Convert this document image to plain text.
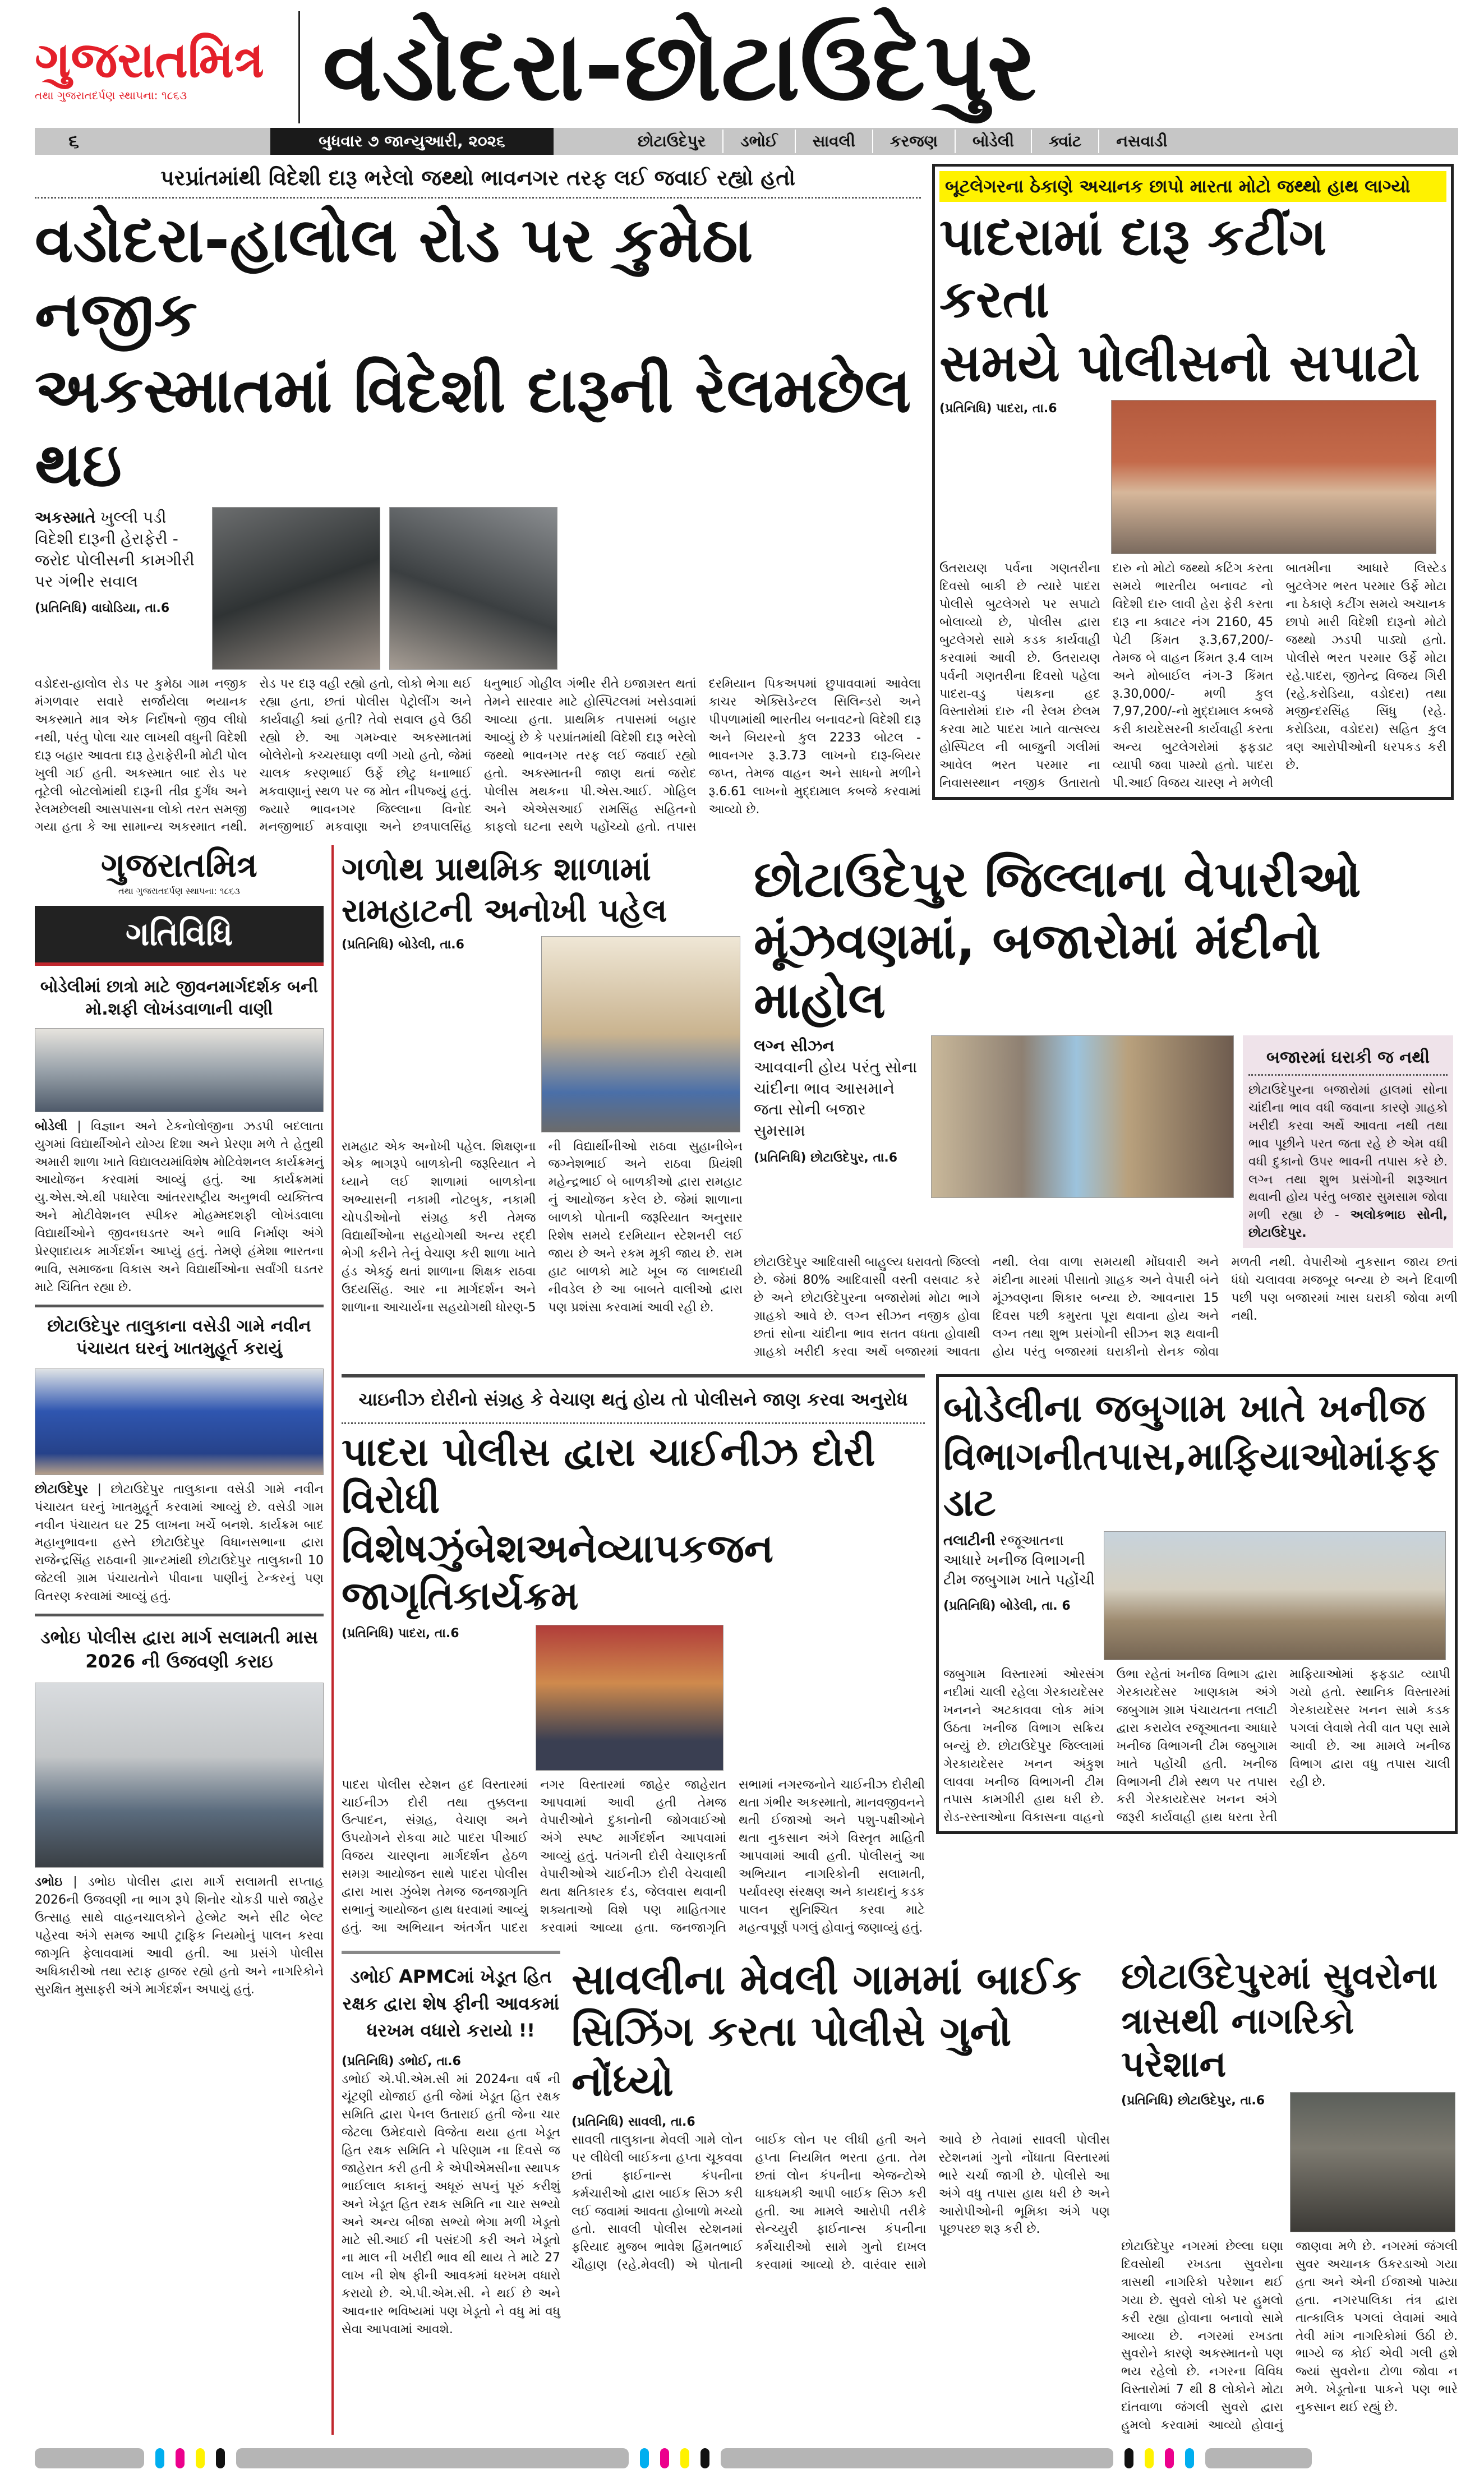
ગુજરાતમિત્ર
તથા ગુજરાતદર્પણ સ્થાપના: ૧૮૬૩	વડોદરા-છોટાઉદેપુર
૬	બુધવાર ૭ જાન્યુઆરી, ૨૦૨૬	છોટાઉદેપુર	ડભોઈ	સાવલી	કરજણ	બોડેલી	ક્વાંટ	નસવાડી
પરપ્રાંતમાંથી વિદેશી દારૂ ભરેલો જથ્થો ભાવનગર તરફ લઈ જવાઈ રહ્યો હતો
વડોદરા-હાલોલ રોડ પર કુમેઠા નજીક
અકસ્માતમાં વિદેશી દારૂની રેલમછેલ થઇ
અકસ્માતે ખુલ્લી પડી વિદેશી દારૂની હેરાફેરી - જરોદ પોલીસની કામગીરી પર ગંભીર સવાલ
(પ્રતિનિધિ) વાઘોડિયા, તા.6
વડોદરા-હાલોલ રોડ પર કુમેઠા ગામ નજીક મંગળવાર સવારે સર્જાયેલા ભયાનક અકસ્માતે માત્ર એક નિર્દોષનો જીવ લીધો નથી, પરંતુ પોલા ચાર લાખથી વધુની વિદેશી દારૂ બહાર આવતા દારૂ હેરાફેરીની મોટી પોલ ખુલી ગઈ હતી. અકસ્માત બાદ રોડ પર તૂટેલી બોટલોમાંથી દારૂની તીવ્ર દુર્ગંધ અને રેલમછેલથી આસપાસના લોકો તરત સમજી ગયા હતા કે આ સામાન્ય અકસ્માત નથી. રોડ પર દારૂ વહી રહ્યો હતો, લોકો ભેગા થઈ રહ્યા હતા, છતાં પોલીસ પેટ્રોલીંગ અને કાર્યવાહી ક્યાં હતી? તેવો સવાલ હવે ઉઠી રહ્યો છે. આ ગમખ્વાર અકસ્માતમાં બોલેરોનો કચ્ચરઘાણ વળી ગયો હતો, જેમાં ચાલક કરણભાઈ ઉર્ફે છોટુ ધનાભાઈ મકવાણાનું સ્થળ પર જ મોત નીપજ્યું હતું. જ્યારે ભાવનગર જિલ્લાના વિનોદ મનજીભાઈ મકવાણા અને છત્રપાલસિંહ ધનુભાઈ ગોહીલ ગંભીર રીતે ઇજાગ્રસ્ત થતાં તેમને સારવાર માટે હોસ્પિટલમાં ખસેડવામાં આવ્યા હતા. પ્રાથમિક તપાસમાં બહાર આવ્યું છે કે પરપ્રાંતમાંથી વિદેશી દારૂ ભરેલો જથ્થો ભાવનગર તરફ લઈ જવાઈ રહ્યો હતો. અકસ્માતની જાણ થતાં જરોદ પોલીસ મથકના પી.એસ.આઈ. ગોહિલ અને એએસઆઈ રામસિંહ સહિતનો કાફલો ઘટના સ્થળે પહોંચ્યો હતો. તપાસ દરમિયાન પિકઅપમાં છુપાવવામાં આવેલા કાચર એક્સિડેન્ટલ સિલિન્ડરો અને પીપળામાંથી ભારતીય બનાવટનો વિદેશી દારૂ અને બિયરનો કુલ 2233 બોટલ - ભાવનગર રૂ.3.73 લાખનો દારૂ-બિયર જપ્ત, તેમજ વાહન અને સાધનો મળીને રૂ.6.61 લાખનો મુદ્દામાલ કબજે કરવામાં આવ્યો છે.
બૂટલેગરના ઠેકાણે અચાનક છાપો મારતા મોટો જથ્થો હાથ લાગ્યો
પાદરામાં દારૂ કટીંગ કરતા
સમયે પોલીસનો સપાટો
(પ્રતિનિધિ) પાદરા, તા.6
ઉતરાયણ પર્વના ગણતરીના દિવસો બાકી છે ત્યારે પાદરા પોલીસે બુટલેગરો પર સપાટો બોલાવ્યો છે, પોલીસ દ્વારા બુટલેગરો સામે કડક કાર્યવાહી કરવામાં આવી છે. ઉતરાયણ પર્વની ગણતરીના દિવસો પહેલા પાદરા-વડુ પંથકના હદ વિસ્તારોમાં દારુ ની રેલમ છેલમ કરવા માટે પાદરા ખાતે વાત્સલ્ય હોસ્પિટલ ની બાજુની ગલીમાં આવેલ ભરત પરમાર ના નિવાસસ્થાન નજીક ઉતારાતો દારુ નો મોટો જથ્થો કટિંગ કરતા સમયે ભારતીય બનાવટ નો વિદેશી દારુ લાવી હેરા ફેરી કરતા દારૂ ના ક્વાટર નંગ 2160, 45 પેટી કિંમત રૂ.3,67,200/- તેમજ બે વાહન કિંમત રૂ.4 લાખ અને મોબાઈલ નંગ-3 કિંમત રૂ.30,000/- મળી કુલ 7,97,200/-નો મુદ્દામાલ કબજે કરી કાયદેસરની કાર્યવાહી કરતા અન્ય બુટલેગરોમાં ફફડાટ વ્યાપી જવા પામ્યો હતો. પાદરા પી.આઈ વિજય ચારણ ને મળેલી બાતમીના આધારે લિસ્ટેડ બુટલેગર ભરત પરમાર ઉર્ફે મોટા ના ઠેકાણે કટીંગ સમયે અચાનક છાપો મારી વિદેશી દારૂનો મોટો જથ્થો ઝડપી પાડ્યો હતો. પોલીસે ભરત પરમાર ઉર્ફે મોટા રહે.પાદરા, જીતેન્દ્ર વિજય ગિરી (રહે.કરોડિયા, વડોદરા) તથા મજીન્દરસિંહ સિંધુ (રહે. કરોડિયા, વડોદરા) સહિત કુલ ત્રણ આરોપીઓની ધરપકડ કરી છે.
ગુજરાતમિત્ર
તથા ગુજરાતદર્પણ સ્થાપના: ૧૮૬૩
ગતિવિધિ
બોડેલીમાં છાત્રો માટે જીવનમાર્ગદર્શક બની મો.શફી લોખંડવાળાની વાણી
બોડેલી | વિજ્ઞાન અને ટેકનોલોજીના ઝડપી બદલાતા યુગમાં વિદ્યાર્થીઓને યોગ્ય દિશા અને પ્રેરણા મળે તે હેતુથી અમારી શાળા ખાતે વિદ્યાલયમાંવિશેષ મોટિવેશનલ કાર્યક્રમનું આયોજન કરવામાં આવ્યું હતું. આ કાર્યક્રમમાં યુ.એસ.એ.થી પધારેલા આંતરરાષ્ટ્રીય અનુભવી વ્યક્તિત્વ અને મોટીવેશનલ સ્પીકર મોહમ્મદશફી લોખંડવાલા વિદ્યાર્થીઓને જીવનઘડતર અને ભાવિ નિર્માણ અંગે પ્રેરણાદાયક માર્ગદર્શન આપ્યું હતું. તેમણે હંમેશા ભારતના ભાવિ, સમાજના વિકાસ અને વિદ્યાર્થીઓના સર્વાંગી ઘડતર માટે ચિંતિત રહ્યા છે.
છોટાઉદેપુર તાલુકાના વસેડી ગામે નવીન પંચાયત ઘરનું ખાતમુહૂર્ત કરાયું
છોટાઉદેપુર | છોટાઉદેપુર તાલુકાના વસેડી ગામે નવીન પંચાયત ઘરનું ખાતમુહૂર્ત કરવામાં આવ્યું છે. વસેડી ગામ નવીન પંચાયત ઘર 25 લાખના ખર્ચે બનશે. કાર્યક્રમ બાદ મહાનુભાવના હસ્તે છોટાઉદેપુર વિધાનસભાના દ્વારા રાજેન્દ્રસિંહ રાઠવાની ગ્રાન્ટમાંથી છોટાઉદેપુર તાલુકાની 10 જેટલી ગ્રામ પંચાયતોને પીવાના પાણીનું ટેન્કરનું પણ વિતરણ કરવામાં આવ્યું હતું.
ડભોઇ પોલીસ દ્વારા માર્ગ સલામતી માસ 2026 ની ઉજવણી કરાઇ
ડભોઇ | ડભોઇ પોલીસ દ્વારા માર્ગ સલામતી સપ્તાહ 2026ની ઉજવણી ના ભાગ રૂપે શિનોર ચોકડી પાસે જાહેર ઉત્સાહ સાથે વાહનચાલકોને હેલ્મેટ અને સીટ બેલ્ટ પહેરવા અંગે સમજ આપી ટ્રાફિક નિયમોનું પાલન કરવા જાગૃતિ ફેલાવવામાં આવી હતી. આ પ્રસંગે પોલીસ અધિકારીઓ તથા સ્ટાફ હાજર રહ્યો હતો અને નાગરિકોને સુરક્ષિત મુસાફરી અંગે માર્ગદર્શન અપાયું હતું.
ગળોથ પ્રાથમિક શાળામાં
રામહાટની અનોખી પહેલ
(પ્રતિનિધિ) બોડેલી, તા.6
રામહાટ એક અનોખી પહેલ. શિક્ષણના એક ભાગરૂપે બાળકોની જરૂરિયાત ને ધ્યાને લઈ શાળામાં બાળકોના અભ્યાસની નકામી નોટબુક, નકામી ચોપડીઓનો સંગ્રહ કરી તેમજ વિદ્યાર્થીઓના સહયોગથી અન્ય રદ્દી ભેગી કરીને તેનું વેચાણ કરી શાળા ખાતે હંડ એકઠું થતાં શાળાના શિક્ષક રાઠવા ઉદયસિંહ. આર ના માર્ગદર્શન અને શાળાના આચાર્યના સહયોગથી ધોરણ-5 ની વિદ્યાર્થીનીઓ રાઠવા સુહાનીબેન જગ્નેશભાઈ અને રાઠવા પ્રિયંશી મહેન્દ્રભાઈ બે બાળકીઓ દ્વારા રામહાટ નું આયોજન કરેલ છે. જેમાં શાળાના બાળકો પોતાની જરૂરિયાત અનુસાર રિશેષ સમયે દરમિયાન સ્ટેશનરી લઈ જાય છે અને રકમ મૂકી જાય છે. રામ હાટ બાળકો માટે ખૂબ જ લાભદાયી નીવડેલ છે આ બાબતે વાલીઓ દ્વારા પણ પ્રશંસા કરવામાં આવી રહી છે.
છોટાઉદેપુર જિલ્લાના વેપારીઓ
મૂંઝવણમાં, બજારોમાં મંદીનો માહોલ
લગ્ન સીઝન
આવવાની હોય પરંતુ સોના ચાંદીના ભાવ આસમાને જતા સોની બજાર સુમસામ
(પ્રતિનિધિ) છોટાઉદેપુર, તા.6
બજારમાં ઘરાકી જ નથી
છોટાઉદેપુરના બજારોમાં હાલમાં સોના ચાંદીના ભાવ વધી જવાના કારણે ગ્રાહકો ખરીદી કરવા અર્થે આવતા નથી તથા ભાવ પૂછીને પરત જતા રહે છે એમ વધી વધી દુકાનો ઉપર ભાવની તપાસ કરે છે. લગ્ન તથા શુભ પ્રસંગોની શરૂઆત થવાની હોય પરંતુ બજાર સુમસામ જોવા મળી રહ્યા છે - અલોકભાઇ સોની, છોટાઉદેપુર.
છોટાઉદેપુર આદિવાસી બાહુલ્ય ધરાવતો જિલ્લો છે. જેમાં 80% આદિવાસી વસ્તી વસવાટ કરે છે અને છોટાઉદેપુરના બજારોમાં મોટા ભાગે ગ્રાહકો આવે છે. લગ્ન સીઝન નજીક હોવા છતાં સોના ચાંદીના ભાવ સતત વધતા હોવાથી ગ્રાહકો ખરીદી કરવા અર્થે બજારમાં આવતા નથી. લેવા વાળા સમયથી મોંઘવારી અને મંદીના મારમાં પીસાતો ગ્રાહક અને વેપારી બંને મૂંઝવણના શિકાર બન્યા છે. આવનારા 15 દિવસ પછી કમુરતા પૂરા થવાના હોય અને લગ્ન તથા શુભ પ્રસંગોની સીઝન શરૂ થવાની હોય પરંતુ બજારમાં ઘરાકીનો રોનક જોવા મળતી નથી. વેપારીઓ નુકસાન જાય છતાં ધંધો ચલાવવા મજબૂર બન્યા છે અને દિવાળી પછી પણ બજારમાં ખાસ ઘરાકી જોવા મળી નથી.
ચાઇનીઝ દોરીનો સંગ્રહ કે વેચાણ થતું હોય તો પોલીસને જાણ કરવા અનુરોધ
પાદરા પોલીસ દ્વારા ચાઈનીઝ દોરી વિરોધી
વિશેષઝુંબેશઅનેવ્યાપકજનજાગૃતિકાર્યક્રમ
(પ્રતિનિધિ) પાદરા, તા.6
પાદરા પોલીસ સ્ટેશન હદ વિસ્તારમાં ચાઈનીઝ દોરી તથા તુક્કલના ઉત્પાદન, સંગ્રહ, વેચાણ અને ઉપયોગને રોકવા માટે પાદરા પીઆઈ વિજય ચારણના માર્ગદર્શન હેઠળ સમગ્ર આયોજન સાથે પાદરા પોલીસ દ્વારા ખાસ ઝુંબેશ તેમજ જનજાગૃતિ સભાનું આયોજન હાથ ધરવામાં આવ્યું હતું. આ અભિયાન અંતર્ગત પાદરા નગર વિસ્તારમાં જાહેર જાહેરાત આપવામાં આવી હતી તેમજ વેપારીઓને દુકાનોની જોગવાઈઓ અંગે સ્પષ્ટ માર્ગદર્શન આપવામાં આવ્યું હતું. પતંગની દોરી વેચાણકર્તા વેપારીઓએ ચાઈનીઝ દોરી વેચવાથી થતા ક્ષતિકારક દંડ, જેલવાસ થવાની શક્યતાઓ વિશે પણ માહિતગાર કરવામાં આવ્યા હતા. જનજાગૃતિ સભામાં નગરજનોને ચાઈનીઝ દોરીથી થતા ગંભીર અકસ્માતો, માનવજીવનને થતી ઈજાઓ અને પશુ-પક્ષીઓને થતા નુકસાન અંગે વિસ્તૃત માહિતી આપવામાં આવી હતી. પોલીસનું આ અભિયાન નાગરિકોની સલામતી, પર્યાવરણ સંરક્ષણ અને કાયદાનું કડક પાલન સુનિશ્ચિત કરવા માટે મહત્વપૂર્ણ પગલું હોવાનું જણાવ્યું હતું.
બોડેલીના જબુગામ ખાતે ખનીજ
વિભાગનીતપાસ,માફિયાઓમાંફફડાટ
તલાટીની રજૂઆતના આધારે ખનીજ વિભાગની ટીમ જબુગામ ખાતે પહોંચી
(પ્રતિનિધિ) બોડેલી, તા. 6
જબુગામ વિસ્તારમાં ઓરસંગ નદીમાં ચાલી રહેલા ગેરકાયદેસર ખનનને અટકાવવા લોક માંગ ઉઠતા ખનીજ વિભાગ સક્રિય બન્યું છે. છોટાઉદેપુર જિલ્લામાં ગેરકાયદેસર ખનન અંકુશ લાવવા ખનીજ વિભાગની ટીમ તપાસ કામગીરી હાથ ધરી છે. રોડ-રસ્તાઓના વિકાસના વાહનો ઉભા રહેતાં ખનીજ વિભાગ દ્વારા ગેરકાયદેસર ખાણકામ અંગે જબુગામ ગ્રામ પંચાયતના તલાટી દ્વારા કરાયેલ રજૂઆતના આધારે ખનીજ વિભાગની ટીમ જબુગામ ખાતે પહોંચી હતી. ખનીજ વિભાગની ટીમે સ્થળ પર તપાસ કરી ગેરકાયદેસર ખનન અંગે જરૂરી કાર્યવાહી હાથ ધરતા રેતી માફિયાઓમાં ફફડાટ વ્યાપી ગયો હતો. સ્થાનિક વિસ્તારમાં ગેરકાયદેસર ખનન સામે કડક પગલાં લેવાશે તેવી વાત પણ સામે આવી છે. આ મામલે ખનીજ વિભાગ દ્વારા વધુ તપાસ ચાલી રહી છે.
ડભોઈ APMCમાં ખેડૂત હિત રક્ષક દ્વારા શેષ ફીની આવકમાં ધરખમ વધારો કરાયો !!
(પ્રતિનિધિ) ડભોઈ, તા.6
ડભોઈ એ.પી.એમ.સી માં 2024ના વર્ષ ની ચૂંટણી યોજાઈ હતી જેમાં ખેડૂત હિત રક્ષક સમિતિ દ્વારા પેનલ ઉતારાઈ હતી જેના ચાર જેટલા ઉમેદવારો વિજેતા થયા હતા ખેડૂત હિત રક્ષક સમિતિ ને પરિણામ ના દિવસે જ જાહેરાત કરી હતી કે એપીએમસીના સ્થાપક ભાઈલાલ કાકાનું અધૂરું સપનું પૂરું કરીશું અને ખેડૂત હિત રક્ષક સમિતિ ના ચાર સભ્યો અને અન્ય બીજા સભ્યો ભેગા મળી ખેડૂતો માટે સી.આઈ ની પસંદગી કરી અને ખેડૂતો ના માલ ની ખરીદી ભાવ થી થાય તે માટે 27 લાખ ની શેષ ફીની આવકમાં ધરખમ વધારો કરાયો છે. એ.પી.એમ.સી. ને થઈ છે અને આવનાર ભવિષ્યમાં પણ ખેડૂતો ને વધુ માં વધુ સેવા આપવામાં આવશે.
સાવલીના મેવલી ગામમાં બાઈક
સિઝિંગ કરતા પોલીસે ગુનો નોંધ્યો
(પ્રતિનિધિ) સાવલી, તા.6
સાવલી તાલુકાના મેવલી ગામે લોન પર લીધેલી બાઈકના હપ્તા ચૂકવવા છતાં ફાઈનાન્સ કંપનીના કર્મચારીઓ દ્વારા બાઈક સિઝ કરી લઈ જવામાં આવતા હોબાળો મચ્યો હતો. સાવલી પોલીસ સ્ટેશનમાં ફરિયાદ મુજબ ભાવેશ હિંમતભાઈ ચૌહાણ (રહે.મેવલી) એ પોતાની બાઈક લોન પર લીધી હતી અને હપ્તા નિયમિત ભરતા હતા. તેમ છતાં લોન કંપનીના એજન્ટોએ ધાકધમકી આપી બાઈક સિઝ કરી હતી. આ મામલે આરોપી તરીકે સેન્ચ્યુરી ફાઈનાન્સ કંપનીના કર્મચારીઓ સામે ગુનો દાખલ કરવામાં આવ્યો છે. વારંવાર સામે આવે છે તેવામાં સાવલી પોલીસ સ્ટેશનમાં ગુનો નોંધાતા વિસ્તારમાં ભારે ચર્ચા જાગી છે. પોલીસે આ અંગે વધુ તપાસ હાથ ધરી છે અને આરોપીઓની ભૂમિકા અંગે પણ પૂછપરછ શરૂ કરી છે.
છોટાઉદેપુરમાં સુવરોના
ત્રાસથી નાગરિકો પરેશાન
(પ્રતિનિધિ) છોટાઉદેપુર, તા.6
છોટાઉદેપુર નગરમાં છેલ્લા ઘણા દિવસોથી રખડતા સુવરોના ત્રાસથી નાગરિકો પરેશાન થઈ ગયા છે. સુવરો લોકો પર હુમલો કરી રહ્યા હોવાના બનાવો સામે આવ્યા છે. નગરમાં રખડતા સુવરોને કારણે અકસ્માતનો પણ ભય રહેલો છે. નગરના વિવિધ વિસ્તારોમાં 7 થી 8 લોકોને મોટા દાંતવાળા જંગલી સુવરો દ્વારા હુમલો કરવામાં આવ્યો હોવાનું જાણવા મળે છે. નગરમાં જંગલી સુવર અચાનક ઉકરડાઓ ગયા હતા અને એની ઈજાઓ પામ્યા હતા. નગરપાલિકા તંત્ર દ્વારા તાત્કાલિક પગલાં લેવામાં આવે તેવી માંગ નાગરિકોમાં ઉઠી છે. ભાગ્યે જ કોઈ એવી ગલી હશે જ્યાં સુવરોના ટોળા જોવા ન મળે. ખેડૂતોના પાકને પણ ભારે નુકસાન થઈ રહ્યું છે.
